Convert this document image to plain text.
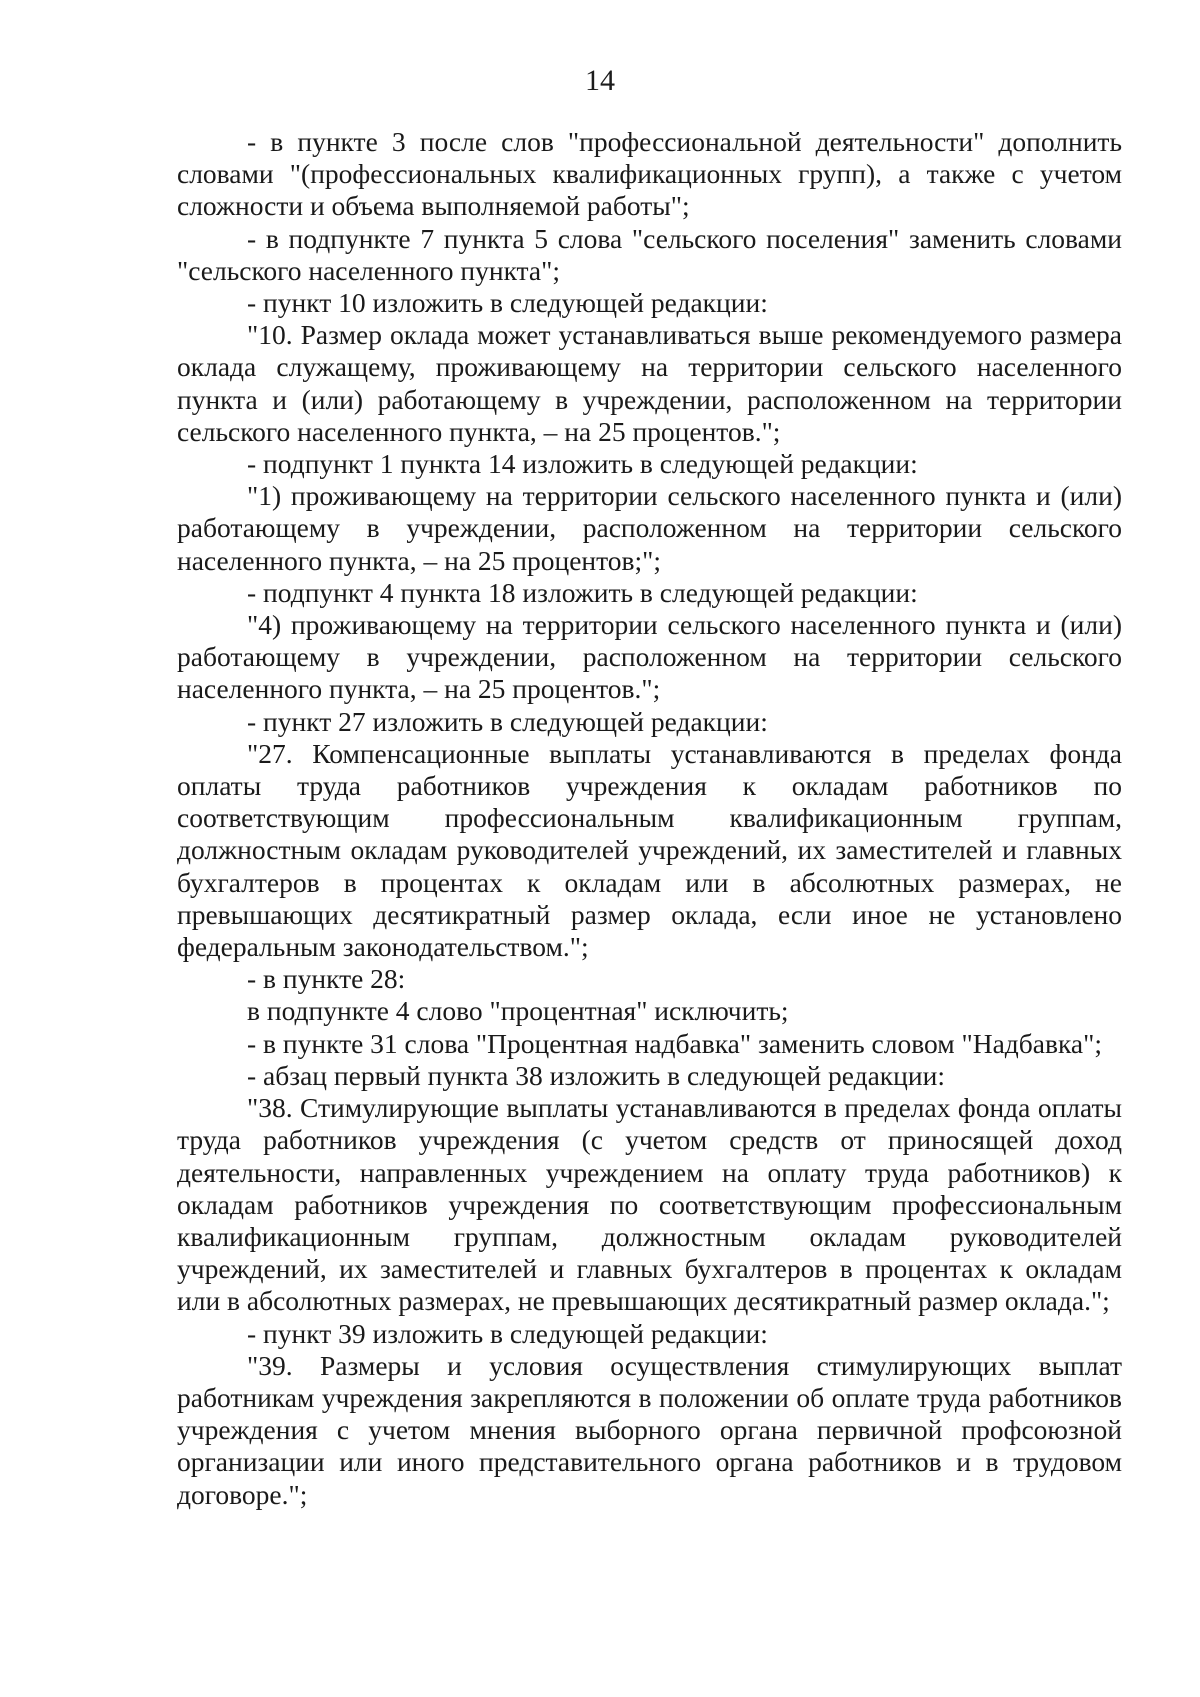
14

- в пункте 3 после слов "профессиональной деятельности" дополнить словами "(профессиональных квалификационных групп), а также с учетом сложности и объема выполняемой работы";

- в подпункте 7 пункта 5 слова "сельского поселения" заменить словами "сельского населенного пункта";

- пункт 10 изложить в следующей редакции:

"10. Размер оклада может устанавливаться выше рекомендуемого размера оклада служащему, проживающему на территории сельского населенного пункта и (или) работающему в учреждении, расположенном на территории сельского населенного пункта, – на 25 процентов.";

- подпункт 1 пункта 14 изложить в следующей редакции:

"1) проживающему на территории сельского населенного пункта и (или) работающему в учреждении, расположенном на территории сельского населенного пункта, – на 25 процентов;";

- подпункт 4 пункта 18 изложить в следующей редакции:

"4) проживающему на территории сельского населенного пункта и (или) работающему в учреждении, расположенном на территории сельского населенного пункта, – на 25 процентов.";

- пункт 27 изложить в следующей редакции:

"27. Компенсационные выплаты устанавливаются в пределах фонда оплаты труда работников учреждения к окладам работников по соответствующим профессиональным квалификационным группам, должностным окладам руководителей учреждений, их заместителей и главных бухгалтеров в процентах к окладам или в абсолютных размерах, не превышающих десятикратный размер оклада, если иное не установлено федеральным законодательством.";

- в пункте 28:

в подпункте 4 слово "процентная" исключить;

- в пункте 31 слова "Процентная надбавка" заменить словом "Надбавка";

- абзац первый пункта 38 изложить в следующей редакции:

"38. Стимулирующие выплаты устанавливаются в пределах фонда оплаты труда работников учреждения (с учетом средств от приносящей доход деятельности, направленных учреждением на оплату труда работников) к окладам работников учреждения по соответствующим профессиональным квалификационным группам, должностным окладам руководителей учреждений, их заместителей и главных бухгалтеров в процентах к окладам или в абсолютных размерах, не превышающих десятикратный размер оклада.";

- пункт 39 изложить в следующей редакции:

"39. Размеры и условия осуществления стимулирующих выплат работникам учреждения закрепляются в положении об оплате труда работников учреждения с учетом мнения выборного органа первичной профсоюзной организации или иного представительного органа работников и в трудовом договоре.";
